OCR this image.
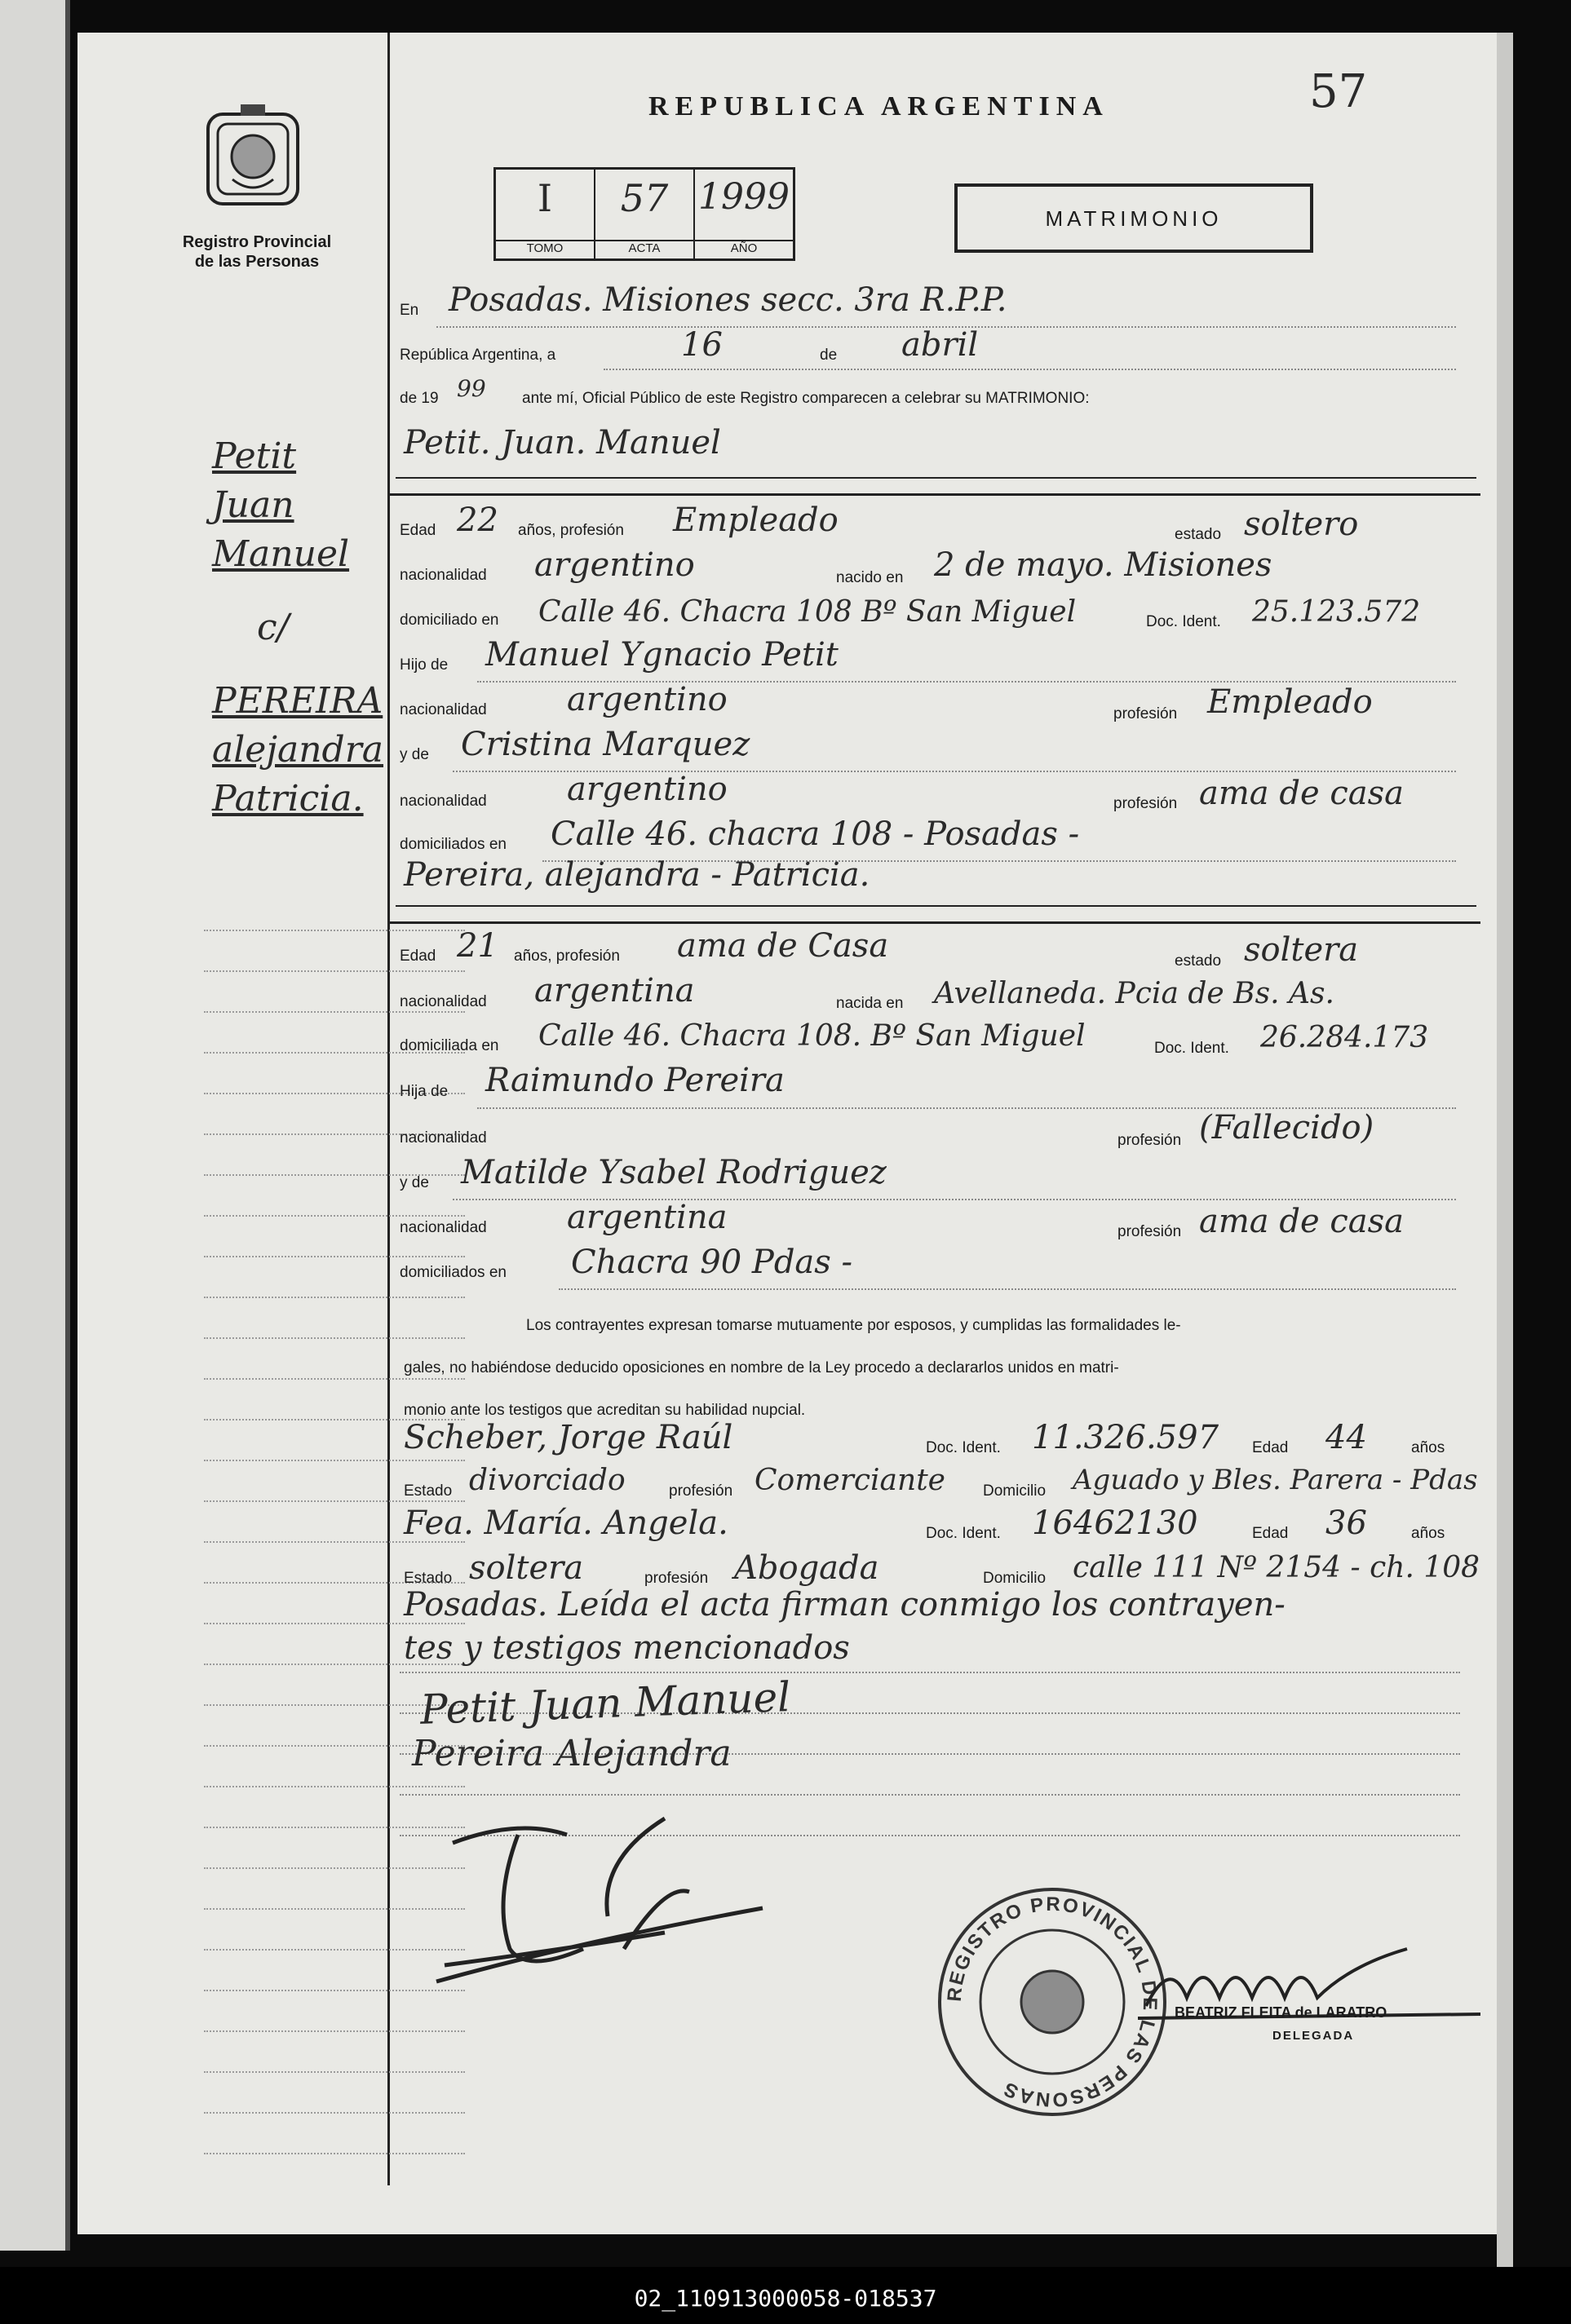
Registro Provincial
de las Personas
Petit
Juan
Manuel
c/
PEREIRA
alejandra
Patricia.
REPUBLICA ARGENTINA	57
I
TOMO
57
ACTA
1999
AÑO
MATRIMONIO
En Posadas. Misiones secc. 3ra R.P.P.
República Argentina, a	16	de abril
de 19 99 ante mí, Oficial Público de este Registro comparecen a celebrar su MATRIMONIO:
Petit. Juan. Manuel
Edad 22 años, profesión Empleado	estado soltero
nacionalidad argentino	nacido en 2 de mayo. Misiones
domiciliado en Calle 46. Chacra 108 Bº San Miguel	Doc. Ident. 25.123.572
Hijo de Manuel Ygnacio Petit
nacionalidad argentino	profesión Empleado
y de Cristina Marquez
nacionalidad argentino	profesión ama de casa
domiciliados en Calle 46. chacra 108 - Posadas -
Pereira, alejandra - Patricia.
Edad 21 años, profesión ama de Casa	estado soltera
nacionalidad argentina	nacida en Avellaneda. Pcia de Bs. As.
domiciliada en Calle 46. Chacra 108. Bº San Miguel	Doc. Ident. 26.284.173
Hija de Raimundo Pereira
nacionalidad	profesión (Fallecido)
y de Matilde Ysabel Rodriguez
nacionalidad argentina	profesión ama de casa
domiciliados en Chacra 90 Pdas -
Los contrayentes expresan tomarse mutuamente por esposos, y cumplidas las formalidades le-
gales, no habiéndose deducido oposiciones en nombre de la Ley procedo a declararlos unidos en matri-
monio ante los testigos que acreditan su habilidad nupcial.
Scheber, Jorge Raúl	Doc. Ident. 11.326.597 Edad 44	años
Estado divorciado	profesión Comerciante Domicilio Aguado y Bles. Parera - Pdas
Fea. María. Angela.	Doc. Ident. 16462130	Edad 36	años
Estado soltera	profesión Abogada	Domicilio calle 111 Nº 2154 - ch. 108
Posadas. Leída el acta firman conmigo los contrayen-
tes y testigos mencionados
Petit Juan Manuel
Pereira Alejandra
REGISTRO PROVINCIAL DE LAS PERSONAS
BEATRIZ FLEITA de LARATRO
DELEGADA
02_110913000058-018537
